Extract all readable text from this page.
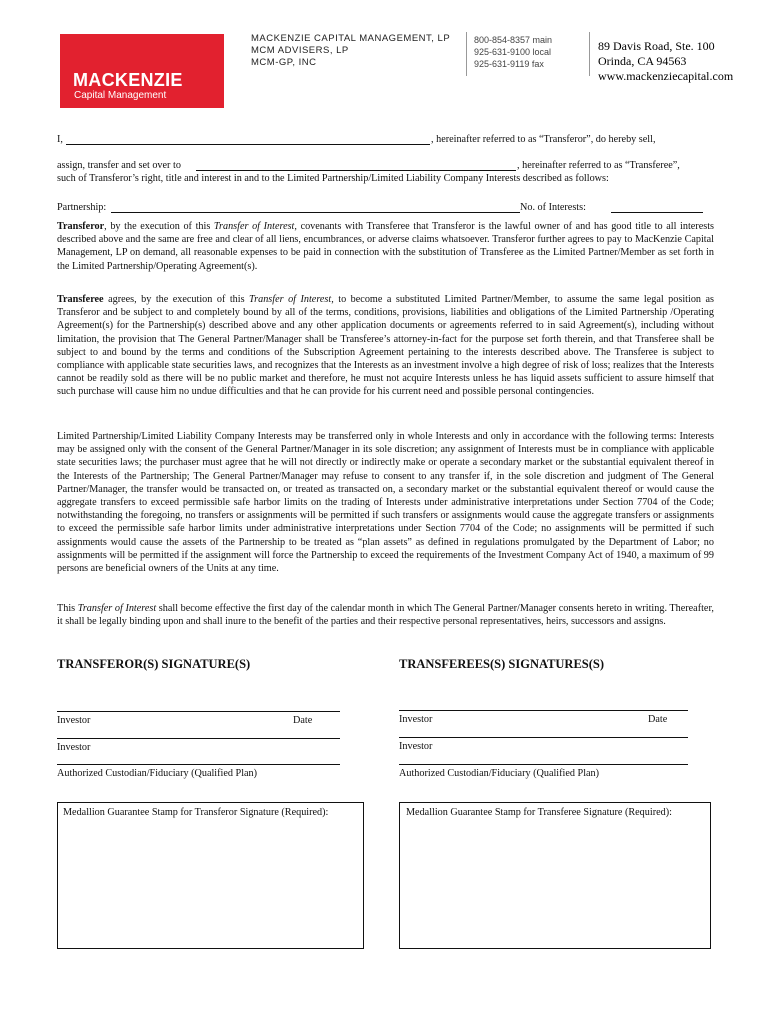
MACKENZIE
Capital Management
MACKENZIE CAPITAL MANAGEMENT, LP
MCM ADVISERS, LP
MCM-GP, INC
800-854-8357 main
925-631-9100 local
925-631-9119 fax
89 Davis Road, Ste. 100
Orinda, CA 94563
www.mackenziecapital.com
I,	, hereinafter referred to as “Transferor”, do hereby sell,
assign, transfer and set over to	, hereinafter referred to as “Transferee”,
such of Transferor’s right, title and interest in and to the Limited Partnership/Limited Liability Company Interests described as follows:
Partnership:	No. of Interests:

Transferor, by the execution of this Transfer of Interest, covenants with Transferee that Transferor is the lawful owner of and has good title to all interests described above and the same are free and clear of all liens, encumbrances, or adverse claims whatsoever. Transferor further agrees to pay to MacKenzie Capital Management, LP on demand, all reasonable expenses to be paid in connection with the substitution of Transferee as the Limited Partner/Member as set forth in the Limited Partnership/Operating Agreement(s).

Transferee agrees, by the execution of this Transfer of Interest, to become a substituted Limited Partner/Member, to assume the same legal position as Transferor and be subject to and completely bound by all of the terms, conditions, provisions, liabilities and obligations of the Limited Partnership /Operating Agreement(s) for the Partnership(s) described above and any other application documents or agreements referred to in said Agreement(s), including without limitation, the provision that The General Partner/Manager shall be Transferee’s attorney-in-fact for the purpose set forth therein, and that Transferee shall be subject to and bound by the terms and conditions of the Subscription Agreement pertaining to the interests described above. The Transferee is subject to compliance with applicable state securities laws, and recognizes that the Interests as an investment involve a high degree of risk of loss; realizes that the Interests cannot be readily sold as there will be no public market and therefore, he must not acquire Interests unless he has liquid assets sufficient to assure himself that such purchase will cause him no undue difficulties and that he can provide for his current need and possible personal contingencies.

Limited Partnership/Limited Liability Company Interests may be transferred only in whole Interests and only in accordance with the following terms: Interests may be assigned only with the consent of the General Partner/Manager in its sole discretion; any assignment of Interests must be in compliance with applicable state securities laws; the purchaser must agree that he will not directly or indirectly make or operate a secondary market or the substantial equivalent thereof in the Interests of the Partnership; The General Partner/Manager may refuse to consent to any transfer if, in the sole discretion and judgment of The General Partner/Manager, the transfer would be transacted on, or treated as transacted on, a secondary market or the substantial equivalent thereof or would cause the aggregate transfers to exceed permissible safe harbor limits on the trading of Interests under administrative interpretations under Section 7704 of the Code; notwithstanding the foregoing, no transfers or assignments will be permitted if such transfers or assignments would cause the aggregate transfers or assignments to exceed the permissible safe harbor limits under administrative interpretations under Section 7704 of the Code; no assignments will be permitted if such assignments would cause the assets of the Partnership to be treated as “plan assets” as defined in regulations promulgated by the Department of Labor; no assignments will be permitted if the assignment will force the Partnership to exceed the requirements of the Investment Company Act of 1940, a maximum of 99 persons are beneficial owners of the Units at any time.

This Transfer of Interest shall become effective the first day of the calendar month in which The General Partner/Manager consents hereto in writing. Thereafter, it shall be legally binding upon and shall inure to the benefit of the parties and their respective personal representatives, heirs, successors and assigns.

TRANSFEROR(S) SIGNATURE(S)	TRANSFEREES(S) SIGNATURES(S)
Investor	Date
Investor
Authorized Custodian/Fiduciary (Qualified Plan)
Investor	Date
Investor
Authorized Custodian/Fiduciary (Qualified Plan)
Medallion Guarantee Stamp for Transferor Signature (Required):	Medallion Guarantee Stamp for Transferee Signature (Required):
